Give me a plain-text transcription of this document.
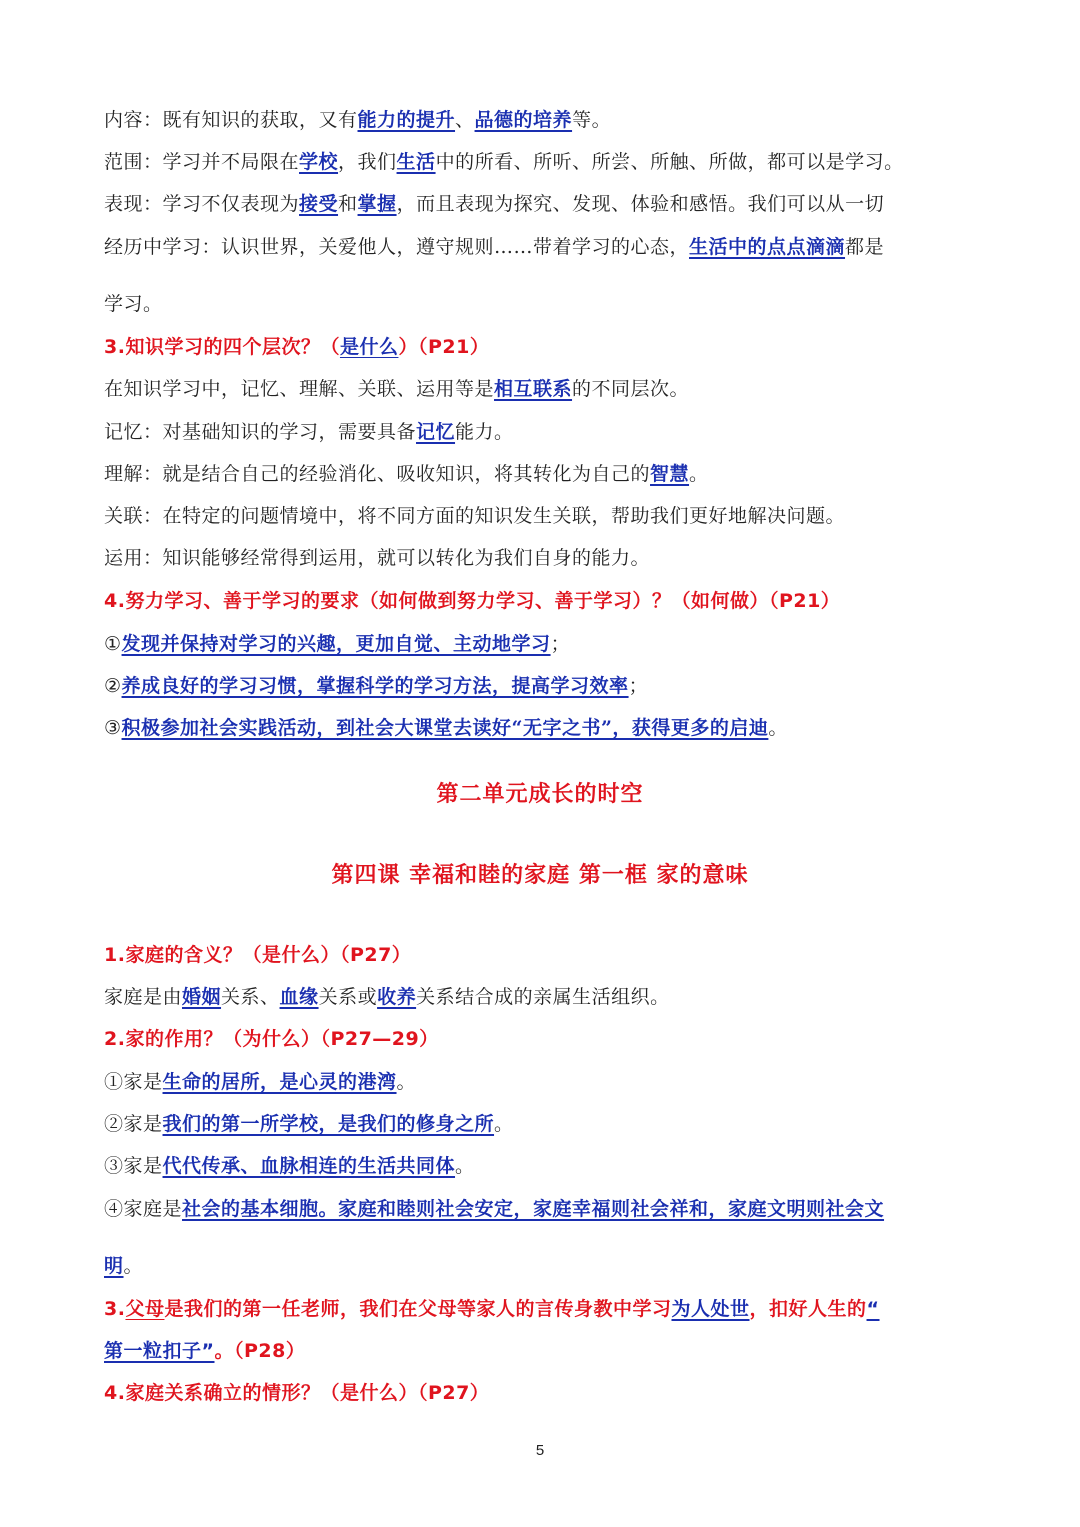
内容：既有知识的获取，又有能力的提升、品德的培养等。
范围：学习并不局限在学校，我们生活中的所看、所听、所尝、所触、所做，都可以是学习。
表现：学习不仅表现为接受和掌握，而且表现为探究、发现、体验和感悟。我们可以从一切
经历中学习：认识世界，关爱他人，遵守规则……带着学习的心态，生活中的点点滴滴都是
学习。
3.知识学习的四个层次？（是什么）（P21）
在知识学习中，记忆、理解、关联、运用等是相互联系的不同层次。
记忆：对基础知识的学习，需要具备记忆能力。
理解：就是结合自己的经验消化、吸收知识，将其转化为自己的智慧。
关联：在特定的问题情境中，将不同方面的知识发生关联，帮助我们更好地解决问题。
运用：知识能够经常得到运用，就可以转化为我们自身的能力。
4.努力学习、善于学习的要求（如何做到努力学习、善于学习）？（如何做）（P21）
①发现并保持对学习的兴趣，更加自觉、主动地学习；
②养成良好的学习习惯，掌握科学的学习方法，提高学习效率；
③积极参加社会实践活动，到社会大课堂去读好“无字之书”，获得更多的启迪。
第二单元成长的时空
第四课 幸福和睦的家庭 第一框 家的意味
1.家庭的含义？（是什么）（P27）
家庭是由婚姻关系、血缘关系或收养关系结合成的亲属生活组织。
2.家的作用？（为什么）（P27—29）
①家是生命的居所，是心灵的港湾。
②家是我们的第一所学校，是我们的修身之所。
③家是代代传承、血脉相连的生活共同体。
④家庭是社会的基本细胞。家庭和睦则社会安定，家庭幸福则社会祥和，家庭文明则社会文
明。
3.父母是我们的第一任老师，我们在父母等家人的言传身教中学习为人处世，扣好人生的“
第一粒扣子”。（P28）
4.家庭关系确立的情形？（是什么）（P27）
5
